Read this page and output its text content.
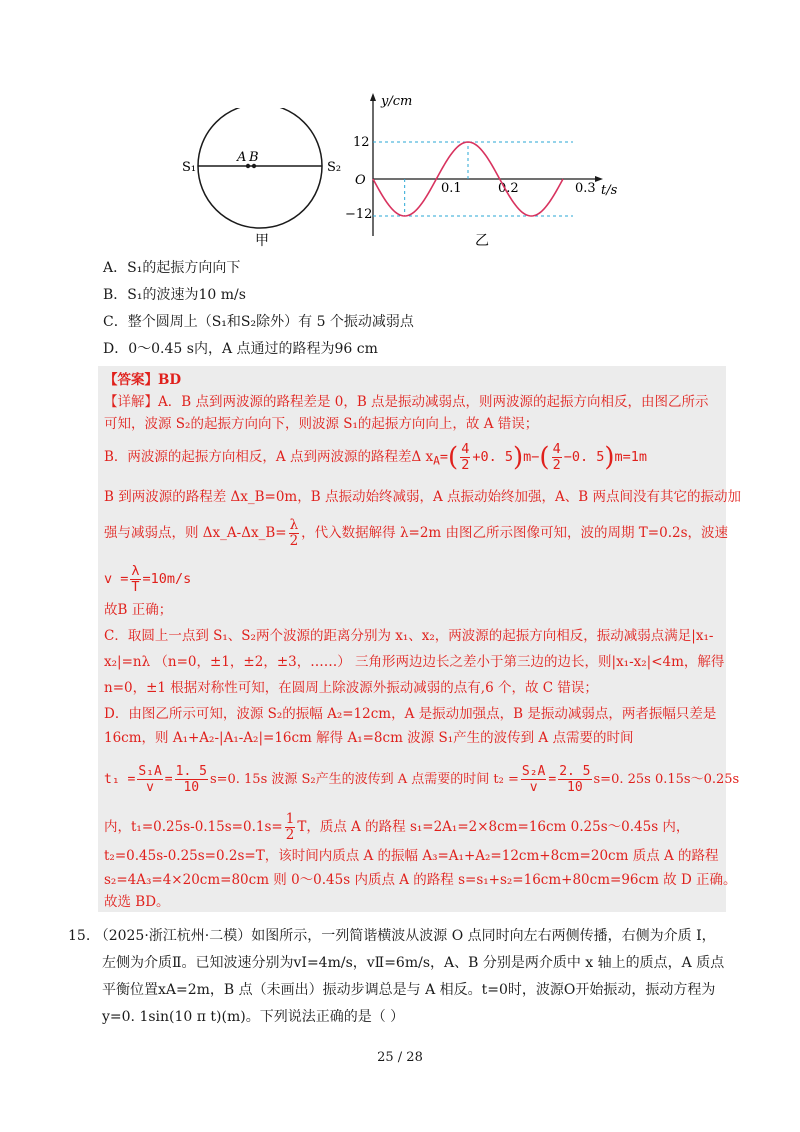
A B
S₁	S₂
甲
y/cm
t/s
O
12
−12
0.1	0.2	0.3
乙
A．S₁的起振方向向下
B．S₁的波速为10 m/s
C．整个圆周上（S₁和S₂除外）有 5 个振动减弱点
D．0～0.45 s内，A 点通过的路程为96 cm
【答案】BD
【详解】A．B 点到两波源的路程差是 0，B 点是振动减弱点，则两波源的起振方向相反，由图乙所示
可知，波源 S₂的起振方向向下，则波源 S₁的起振方向向上，故 A 错误；
B．两波源的起振方向相反，A 点到两波源的路程差Δ $x_A=( \frac{4}{2} +0$. $5)m-( \frac{4}{2} -0$. 5)m=1m
B 到两波源的路程差 Δx_B=0m，B 点振动始终减弱，A 点振动始终加强，A、B 两点间没有其它的振动加
强与减弱点，则 Δx_A-Δx_B= $\frac{\lambda}{2}$ ，代入数据解得 λ=2m 由图乙所示图像可知，波的周期 T=0.2s，波速
$v = \frac{\lambda}{T} =10m/s$
故B 正确；
C．取圆上一点到 S₁、S₂两个波源的距离分别为 x₁、x₂，两波源的起振方向相反，振动减弱点满足|x₁-
x₂|=nλ （n=0，±1，±2，±3，……） 三角形两边边长之差小于第三边的边长，则|x₁-x₂|<4m，解得
n=0，±1 根据对称性可知，在圆周上除波源外振动减弱的点有,6 个，故 C 错误；
D．由图乙所示可知，波源 S₂的振幅 A₂=12cm，A 是振动加强点，B 是振动减弱点，两者振幅只差是
16cm，则 A₁+A₂-|A₁-A₂|=16cm 解得 A₁=8cm 波源 S₁产生的波传到 A 点需要的时间
$t_1 = \frac{\text{S₁A}}{v} = \frac{1. 5}{10} s=0$. 15s 波源 S₂产生的波传到 A 点需要的时间 $t_2 = \frac{\text{S₂A}}{v} = \frac{2. 5}{10} s=0$. 25s 0.15s～0.25s
内，$t_1=0.25s-0.15s=0.1s= \frac{1}{2}$ T，质点 A 的路程 s₁=2A₁=2×8cm=16cm 0.25s～0.45s 内，
t₂=0.45s-0.25s=0.2s=T，该时间内质点 A 的振幅 A₃=A₁+A₂=12cm+8cm=20cm 质点 A 的路程
s₂=4A₃=4×20cm=80cm 则 0～0.45s 内质点 A 的路程 s=s₁+s₂=16cm+80cm=96cm 故 D 正确。
故选 BD。
15. （2025·浙江杭州·二模）如图所示，一列简谐横波从波源 O 点同时向左右两侧传播，右侧为介质 Ⅰ，
左侧为介质Ⅱ。已知波速分别为vⅠ=4m/s，vⅡ=6m/s，A、B 分别是两介质中 x 轴上的质点，A 质点
平衡位置xA=2m，B 点（未画出）振动步调总是与 A 相反。t=0时，波源O开始振动，振动方程为
y=0. 1sin(10 π t)(m)。下列说法正确的是（ ）
25 / 28
